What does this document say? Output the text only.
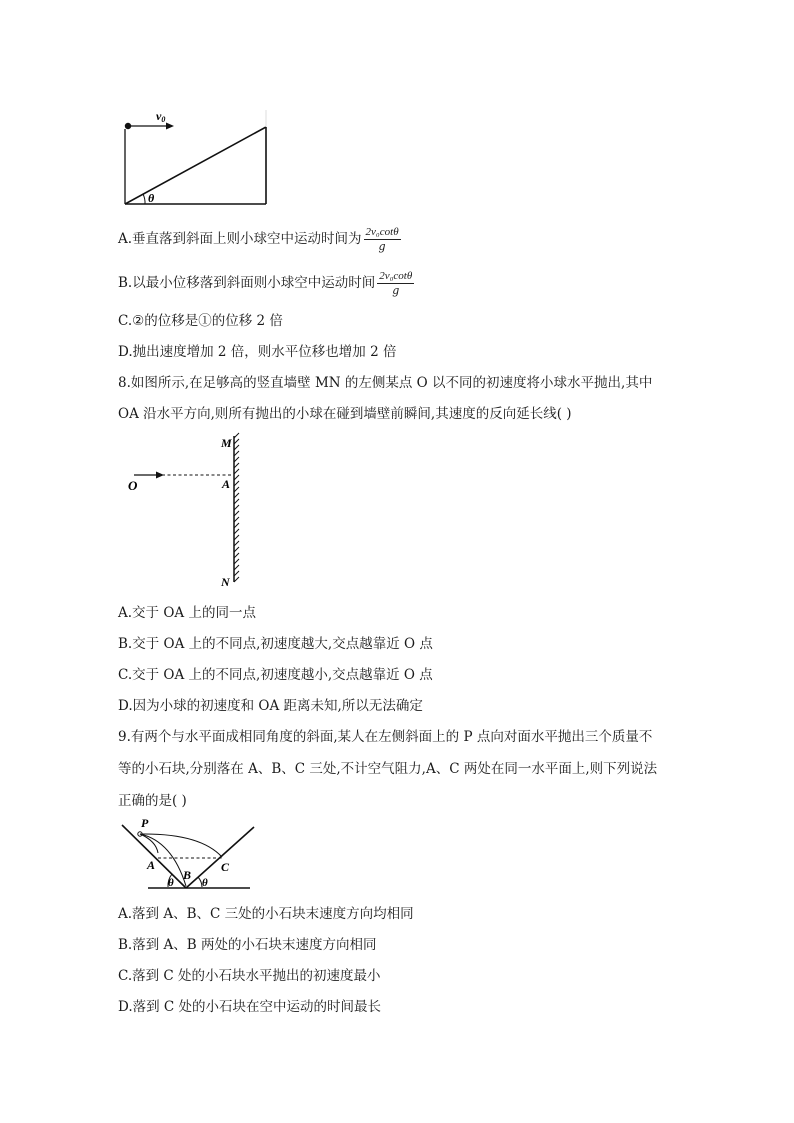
v0
θ
A.垂直落到斜面上则小球空中运动时间为 $\frac{\text{2v₀cotθ}}{g}$
B.以最小位移落到斜面则小球空中运动时间 $\frac{\text{2v₀cotθ}}{g}$
C.②的位移是①的位移 2 倍
D.抛出速度增加 2 倍，则水平位移也增加 2 倍
8.如图所示,在足够高的竖直墙壁 MN 的左侧某点 O 以不同的初速度将小球水平抛出,其中
OA 沿水平方向,则所有抛出的小球在碰到墙壁前瞬间,其速度的反向延长线( )
M
A
N
O
A.交于 OA 上的同一点
B.交于 OA 上的不同点,初速度越大,交点越靠近 O 点
C.交于 OA 上的不同点,初速度越小,交点越靠近 O 点
D.因为小球的初速度和 OA 距离未知,所以无法确定
9.有两个与水平面成相同角度的斜面,某人在左侧斜面上的 P 点向对面水平抛出三个质量不
等的小石块,分别落在 A、B、C 三处,不计空气阻力,A、C 两处在同一水平面上,则下列说法
正确的是( )
P
A
B
C
θ	θ
A.落到 A、B、C 三处的小石块末速度方向均相同
B.落到 A、B 两处的小石块末速度方向相同
C.落到 C 处的小石块水平抛出的初速度最小
D.落到 C 处的小石块在空中运动的时间最长
